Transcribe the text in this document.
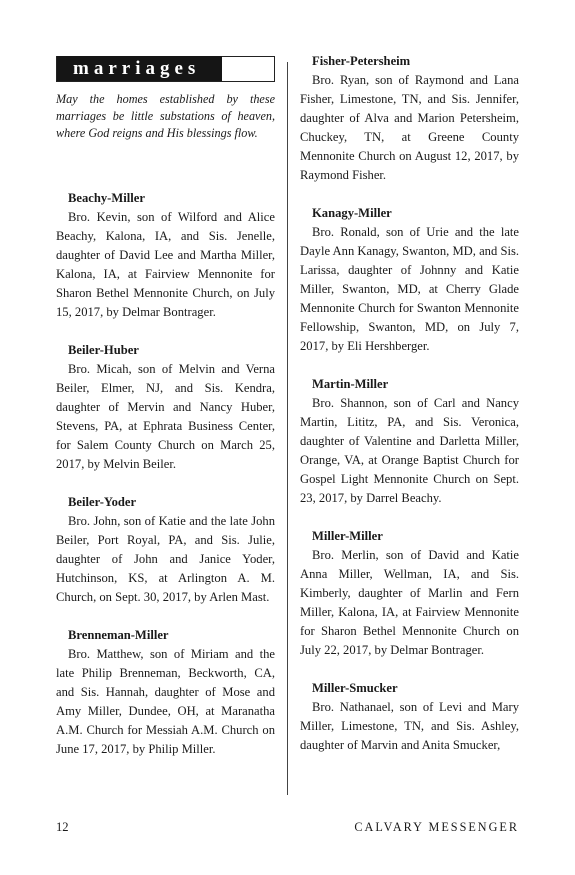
marriages

May the homes established by these marriages be little substations of heaven, where God reigns and His blessings flow.

Beachy-Miller

Bro. Kevin, son of Wilford and Alice Beachy, Kalona, IA, and Sis. Jenelle, daughter of David Lee and Martha Miller, Kalona, IA, at Fairview Mennonite for Sharon Bethel Mennonite Church, on July 15, 2017, by Delmar Bontrager.

Beiler-Huber

Bro. Micah, son of Melvin and Verna Beiler, Elmer, NJ, and Sis. Kendra, daughter of Mervin and Nancy Huber, Stevens, PA, at Ephrata Business Center, for Salem County Church on March 25, 2017, by Melvin Beiler.

Beiler-Yoder

Bro. John, son of Katie and the late John Beiler, Port Royal, PA, and Sis. Julie, daughter of John and Janice Yoder, Hutchinson, KS, at Arlington A. M. Church, on Sept. 30, 2017, by Arlen Mast.

Brenneman-Miller

Bro. Matthew, son of Miriam and the late Philip Brenneman, Beckworth, CA, and Sis. Hannah, daughter of Mose and Amy Miller, Dundee, OH, at Maranatha A.M. Church for Messiah A.M. Church on June 17, 2017, by Philip Miller.

Fisher-Petersheim

Bro. Ryan, son of Raymond and Lana Fisher, Limestone, TN, and Sis. Jennifer, daughter of Alva and Marion Petersheim, Chuckey, TN, at Greene County Mennonite Church on August 12, 2017, by Raymond Fisher.

Kanagy-Miller

Bro. Ronald, son of Urie and the late Dayle Ann Kanagy, Swanton, MD, and Sis. Larissa, daughter of Johnny and Katie Miller, Swanton, MD, at Cherry Glade Mennonite Church for Swanton Mennonite Fellowship, Swanton, MD, on July 7, 2017, by Eli Hershberger.

Martin-Miller

Bro. Shannon, son of Carl and Nancy Martin, Lititz, PA, and Sis. Veronica, daughter of Valentine and Darletta Miller, Orange, VA, at Orange Baptist Church for Gospel Light Mennonite Church on Sept. 23, 2017, by Darrel Beachy.

Miller-Miller

Bro. Merlin, son of David and Katie Anna Miller, Wellman, IA, and Sis. Kimberly, daughter of Marlin and Fern Miller, Kalona, IA, at Fairview Mennonite for Sharon Bethel Mennonite Church on July 22, 2017, by Delmar Bontrager.

Miller-Smucker

Bro. Nathanael, son of Levi and Mary Miller, Limestone, TN, and Sis. Ashley, daughter of Marvin and Anita Smucker,

12	CALVARY MESSENGER
